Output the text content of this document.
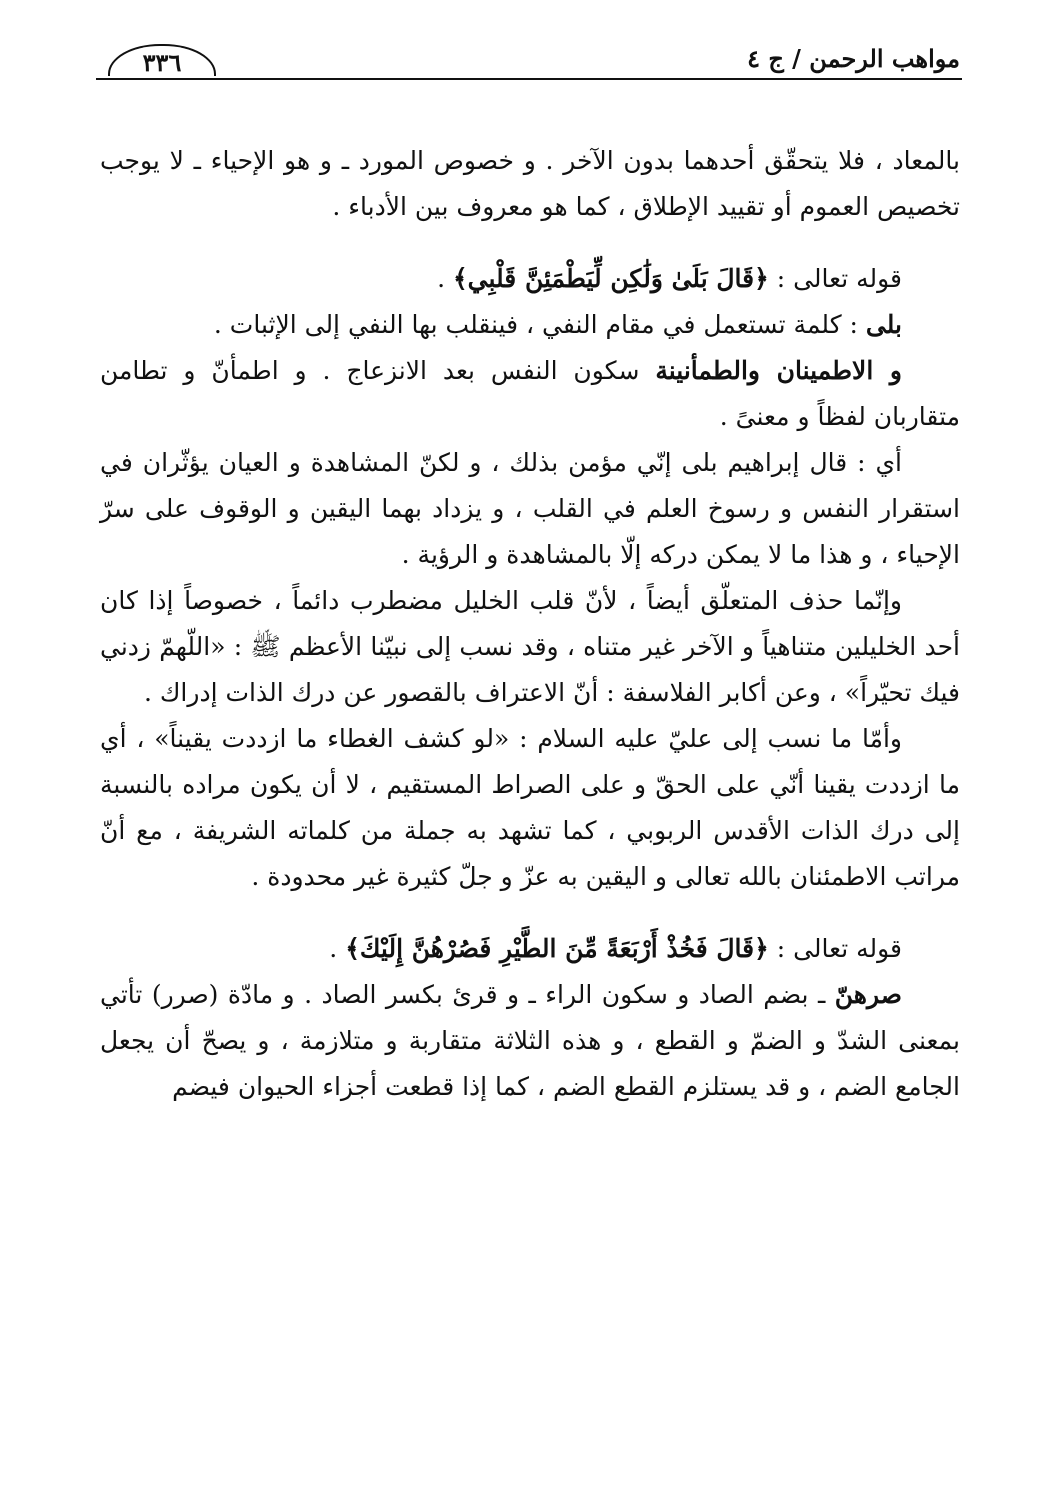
٣٣٦	مواهب الرحمن / ج ٤

بالمعاد ، فلا يتحقّق أحدهما بدون الآخر . و خصوص المورد ـ و هو الإحياء ـ لا يوجب تخصيص العموم أو تقييد الإطلاق ، كما هو معروف بين الأدباء .

قوله تعالى : ﴿قَالَ بَلَىٰ وَلَٰكِن لِّيَطْمَئِنَّ قَلْبِي﴾ .

بلى : كلمة تستعمل في مقام النفي ، فينقلب بها النفي إلى الإثبات .

و الاطمينان والطمأنينة سكون النفس بعد الانزعاج . و اطمأنّ و تطامن متقاربان لفظاً و معنىً .

أي : قال إبراهيم بلى إنّي مؤمن بذلك ، و لكنّ المشاهدة و العيان يؤثّران في استقرار النفس و رسوخ العلم في القلب ، و يزداد بهما اليقين و الوقوف على سرّ الإحياء ، و هذا ما لا يمكن دركه إلّا بالمشاهدة و الرؤية .

وإنّما حذف المتعلّق أيضاً ، لأنّ قلب الخليل مضطرب دائماً ، خصوصاً إذا كان أحد الخليلين متناهياً و الآخر غير متناه ، وقد نسب إلى نبيّنا الأعظم ﷺ : «اللّهمّ زدني فيك تحيّراً» ، وعن أكابر الفلاسفة : أنّ الاعتراف بالقصور عن درك الذات إدراك .

وأمّا ما نسب إلى عليّ عليه السلام : «لو كشف الغطاء ما ازددت يقيناً» ، أي ما ازددت يقينا أنّي على الحقّ و على الصراط المستقيم ، لا أن يكون مراده بالنسبة إلى درك الذات الأقدس الربوبي ، كما تشهد به جملة من كلماته الشريفة ، مع أنّ مراتب الاطمئنان بالله تعالى و اليقين به عزّ و جلّ كثيرة غير محدودة .

قوله تعالى : ﴿قَالَ فَخُذْ أَرْبَعَةً مِّنَ الطَّيْرِ فَصُرْهُنَّ إِلَيْكَ﴾ .

صرهنّ ـ بضم الصاد و سكون الراء ـ و قرئ بكسر الصاد . و مادّة (صرر) تأتي بمعنى الشدّ و الضمّ و القطع ، و هذه الثلاثة متقاربة و متلازمة ، و يصحّ أن يجعل الجامع الضم ، و قد يستلزم القطع الضم ، كما إذا قطعت أجزاء الحيوان فيضم
